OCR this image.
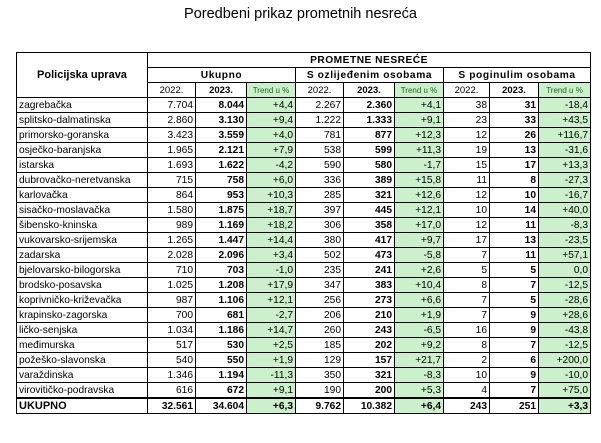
Poredbeni prikaz prometnih nesreća
Policijska uprava	PROMETNE NESREĆE								
	Ukupno			S ozlijeđenim osobama			S poginulim osobama		
	2022.	2023.	Trend u %	2022.	2023.	Trend u %	2022.	2023.	Trend u %
zagrebačka	7.704	8.044	+4,4	2.267	2.360	+4,1	38	31	-18,4
splitsko-dalmatinska	2.860	3.130	+9,4	1.222	1.333	+9,1	23	33	+43,5
primorsko-goranska	3.423	3.559	+4,0	781	877	+12,3	12	26	+116,7
osječko-baranjska	1.965	2.121	+7,9	538	599	+11,3	19	13	-31,6
istarska	1.693	1.622	-4,2	590	580	-1,7	15	17	+13,3
dubrovačko-neretvanska	715	758	+6,0	336	389	+15,8	11	8	-27,3
karlovačka	864	953	+10,3	285	321	+12,6	12	10	-16,7
sisačko-moslavačka	1.580	1.875	+18,7	397	445	+12,1	10	14	+40,0
šibensko-kninska	989	1.169	+18,2	306	358	+17,0	12	11	-8,3
vukovarsko-srijemska	1.265	1.447	+14,4	380	417	+9,7	17	13	-23,5
zadarska	2.028	2.096	+3,4	502	473	-5,8	7	11	+57,1
bjelovarsko-bilogorska	710	703	-1,0	235	241	+2,6	5	5	0,0
brodsko-posavska	1.025	1.208	+17,9	347	383	+10,4	8	7	-12,5
koprivničko-križevačka	987	1.106	+12,1	256	273	+6,6	7	5	-28,6
krapinsko-zagorska	700	681	-2,7	206	210	+1,9	7	9	+28,6
ličko-senjska	1.034	1.186	+14,7	260	243	-6,5	16	9	-43,8
međimurska	517	530	+2,5	185	202	+9,2	8	7	-12,5
požeško-slavonska	540	550	+1,9	129	157	+21,7	2	6	+200,0
varaždinska	1.346	1.194	-11,3	350	321	-8,3	10	9	-10,0
virovitičko-podravska	616	672	+9,1	190	200	+5,3	4	7	+75,0
UKUPNO	32.561	34.604	+6,3	9.762	10.382	+6,4	243	251	+3,3
